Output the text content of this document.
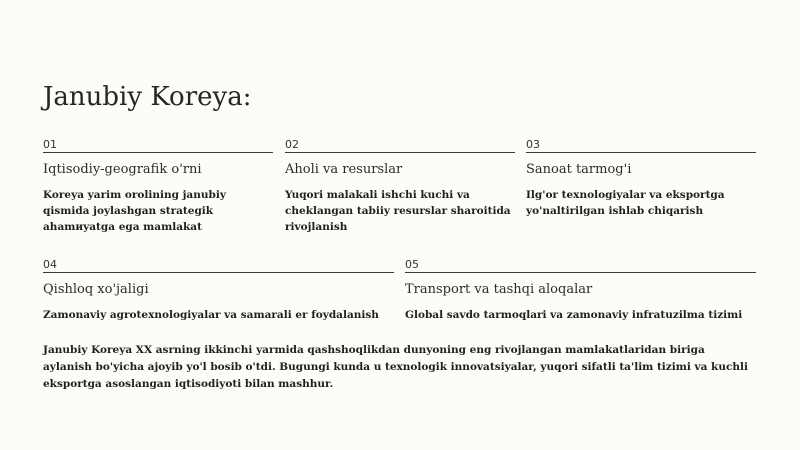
Janubiy Koreya:
01
Iqtisodiy-geografik o'rni
Koreya yarim orolining janubiy qismida joylashgan strategik ahamиyatga ega mamlakat
02
Aholi va resurslar
Yuqori malakali ishchi kuchi va cheklangan tabiiy resurslar sharoitida rivojlanish
03
Sanoat tarmog'i
Ilg'or texnologiyalar va eksportga yo'naltirilgan ishlab chiqarish
04
Qishloq xo'jaligi
Zamonaviy agrotexnologiyalar va samarali er foydalanish
05
Transport va tashqi aloqalar
Global savdo tarmoqlari va zamonaviy infratuzilma tizimi

Janubiy Koreya XX asrning ikkinchi yarmida qashshoqlikdan dunyoning eng rivojlangan mamlakatlaridan biriga aylanish bo'yicha ajoyib yo'l bosib o'tdi. Bugungi kunda u texnologik innovatsiyalar, yuqori sifatli ta'lim tizimi va kuchli eksportga asoslangan iqtisodiyoti bilan mashhur.
